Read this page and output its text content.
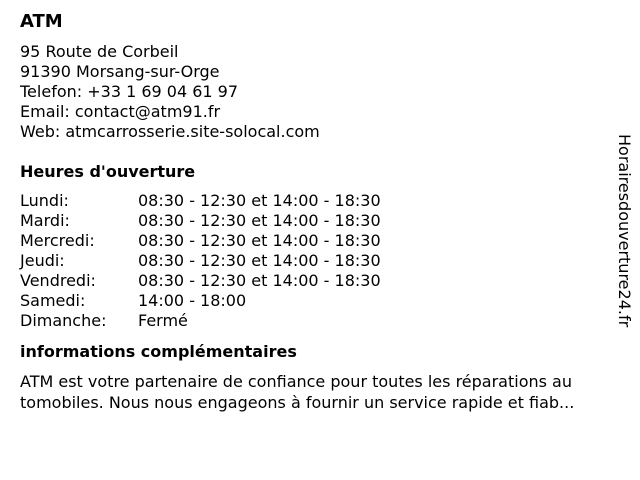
ATM
95 Route de Corbeil
91390 Morsang-sur-Orge
Telefon: +33 1 69 04 61 97
Email: contact@atm91.fr
Web: atmcarrosserie.site-solocal.com
Heures d'ouverture
Lundi:	08:30 - 12:30 et 14:00 - 18:30
Mardi:	08:30 - 12:30 et 14:00 - 18:30
Mercredi:	08:30 - 12:30 et 14:00 - 18:30
Jeudi:	08:30 - 12:30 et 14:00 - 18:30
Vendredi:	08:30 - 12:30 et 14:00 - 18:30
Samedi:	14:00 - 18:00
Dimanche:	Fermé
informations complémentaires
ATM est votre partenaire de confiance pour toutes les réparations au
tomobiles. Nous nous engageons à fournir un service rapide et fiab...
Horairesdouverture24.fr
